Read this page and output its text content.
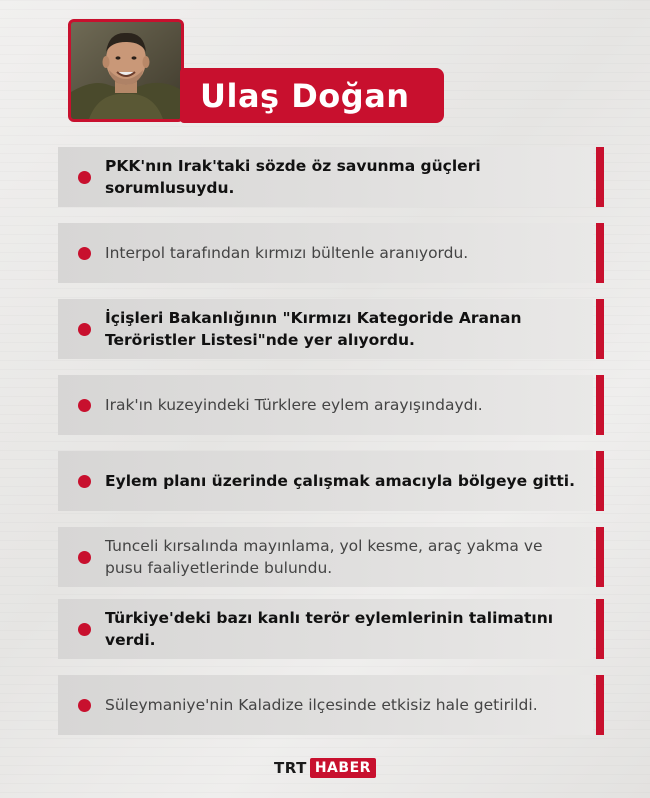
Ulaş Doğan
PKK'nın Irak'taki sözde öz savunma güçleri sorumlusuydu.
Interpol tarafından kırmızı bültenle aranıyordu.
İçişleri Bakanlığının "Kırmızı Kategoride Aranan Teröristler Listesi"nde yer alıyordu.
Irak'ın kuzeyindeki Türklere eylem arayışındaydı.
Eylem planı üzerinde çalışmak amacıyla bölgeye gitti.
Tunceli kırsalında mayınlama, yol kesme, araç yakma ve pusu faaliyetlerinde bulundu.
Türkiye'deki bazı kanlı terör eylemlerinin talimatını verdi.
Süleymaniye'nin Kaladize ilçesinde etkisiz hale getirildi.
TRT HABER
